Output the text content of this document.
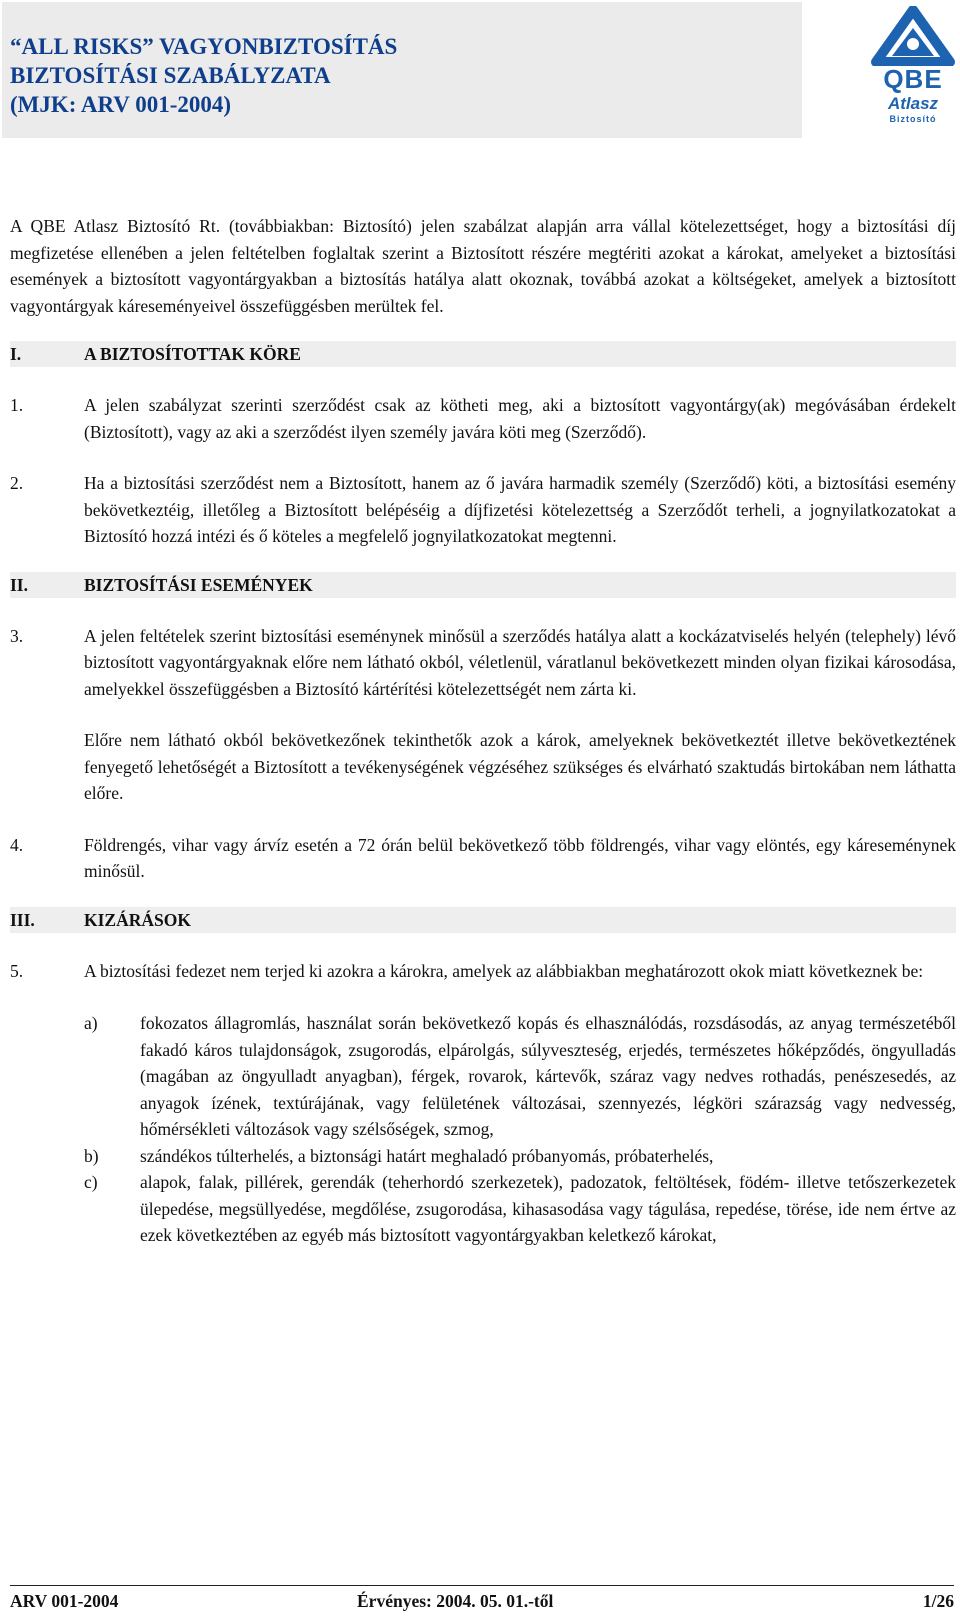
“ALL RISKS” VAGYONBIZTOSÍTÁS
BIZTOSÍTÁSI SZABÁLYZATA
(MJK: ARV 001-2004)
QBE
Atlasz
Biztosító

A QBE Atlasz Biztosító Rt. (továbbiakban: Biztosító) jelen szabálzat alapján arra vállal kötelezettséget, hogy a biztosítási díj megfizetése ellenében a jelen feltételben foglaltak szerint a Biztosított részére megtériti azokat a károkat, amelyeket a biztosítási események a biztosított vagyontárgyakban a biztosítás hatálya alatt okoznak, továbbá azokat a költségeket, amelyek a biztosított vagyontárgyak káreseményeivel összefüggésben merültek fel.

I.	A BIZTOSÍTOTTAK KÖRE
1.	A jelen szabályzat szerinti szerződést csak az kötheti meg, aki a biztosított vagyontárgy(ak) megóvásában érdekelt (Biztosított), vagy az aki a szerződést ilyen személy javára köti meg (Szerződő).

2.	Ha a biztosítási szerződést nem a Biztosított, hanem az ő javára harmadik személy (Szerződő) köti, a biztosítási esemény bekövetkeztéig, illetőleg a Biztosított belépéséig a díjfizetési kötelezettség a Szerződőt terheli, a jognyilatkozatokat a Biztosító hozzá intézi és ő köteles a megfelelő jognyilatkozatokat megtenni.

II.	BIZTOSÍTÁSI ESEMÉNYEK
3.	A jelen feltételek szerint biztosítási eseménynek minősül a szerződés hatálya alatt a kockázatviselés helyén (telephely) lévő biztosított vagyontárgyaknak előre nem látható okból, véletlenül, váratlanul bekövetkezett minden olyan fizikai károsodása, amelyekkel összefüggésben a Biztosító kártérítési kötelezettségét nem zárta ki.

Előre nem látható okból bekövetkezőnek tekinthetők azok a károk, amelyeknek bekövetkeztét illetve bekövetkeztének fenyegető lehetőségét a Biztosított a tevékenységének végzéséhez szükséges és elvárható szaktudás birtokában nem láthatta előre.

4.	Földrengés, vihar vagy árvíz esetén a 72 órán belül bekövetkező több földrengés, vihar vagy elöntés, egy káreseménynek minősül.

III.	KIZÁRÁSOK
5.	A biztosítási fedezet nem terjed ki azokra a károkra, amelyek az alábbiakban meghatározott okok miatt következnek be:

a) fokozatos állagromlás, használat során bekövetkező kopás és elhasználódás, rozsdásodás, az anyag természetéből fakadó káros tulajdonságok, zsugorodás, elpárolgás, súlyveszteség, erjedés, természetes hőképződés, öngyulladás (magában az öngyulladt anyagban), férgek, rovarok, kártevők, száraz vagy nedves rothadás, penészesedés, az anyagok ízének, textúrájának, vagy felületének változásai, szennyezés, légköri szárazság vagy nedvesség, hőmérsékleti változások vagy szélsőségek, szmog,

b) szándékos túlterhelés, a biztonsági határt meghaladó próbanyomás, próbaterhelés,

c) alapok, falak, pillérek, gerendák (teherhordó szerkezetek), padozatok, feltöltések, födém- illetve tetőszerkezetek ülepedése, megsüllyedése, megdőlése, zsugorodása, kihasasodása vagy tágulása, repedése, törése, ide nem értve az ezek következtében az egyéb más biztosított vagyontárgyakban keletkező károkat,

ARV 001-2004	Érvényes: 2004. 05. 01.-től	1/26
